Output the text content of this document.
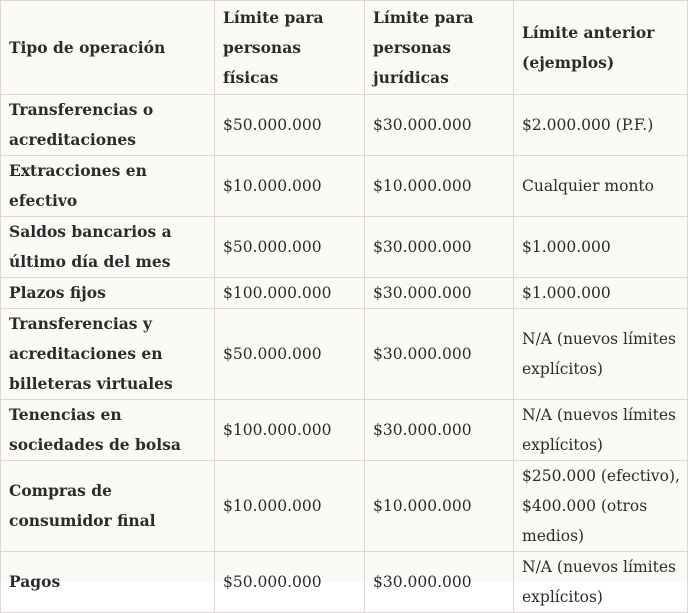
Tipo de operación	Límite para personas físicas	Límite para personas jurídicas	Límite anterior (ejemplos)
Transferencias o acreditaciones	$50.000.000	$30.000.000	$2.000.000 (P.F.)
Extracciones en efectivo	$10.000.000	$10.000.000	Cualquier monto
Saldos bancarios a último día del mes	$50.000.000	$30.000.000	$1.000.000
Plazos fijos	$100.000.000	$30.000.000	$1.000.000
Transferencias y acreditaciones en billeteras virtuales	$50.000.000	$30.000.000	N/A (nuevos límites explícitos)
Tenencias en sociedades de bolsa	$100.000.000	$30.000.000	N/A (nuevos límites explícitos)
Compras de consumidor final	$10.000.000	$10.000.000	$250.000 (efectivo), $400.000 (otros medios)
Pagos	$50.000.000	$30.000.000	N/A (nuevos límites explícitos)
